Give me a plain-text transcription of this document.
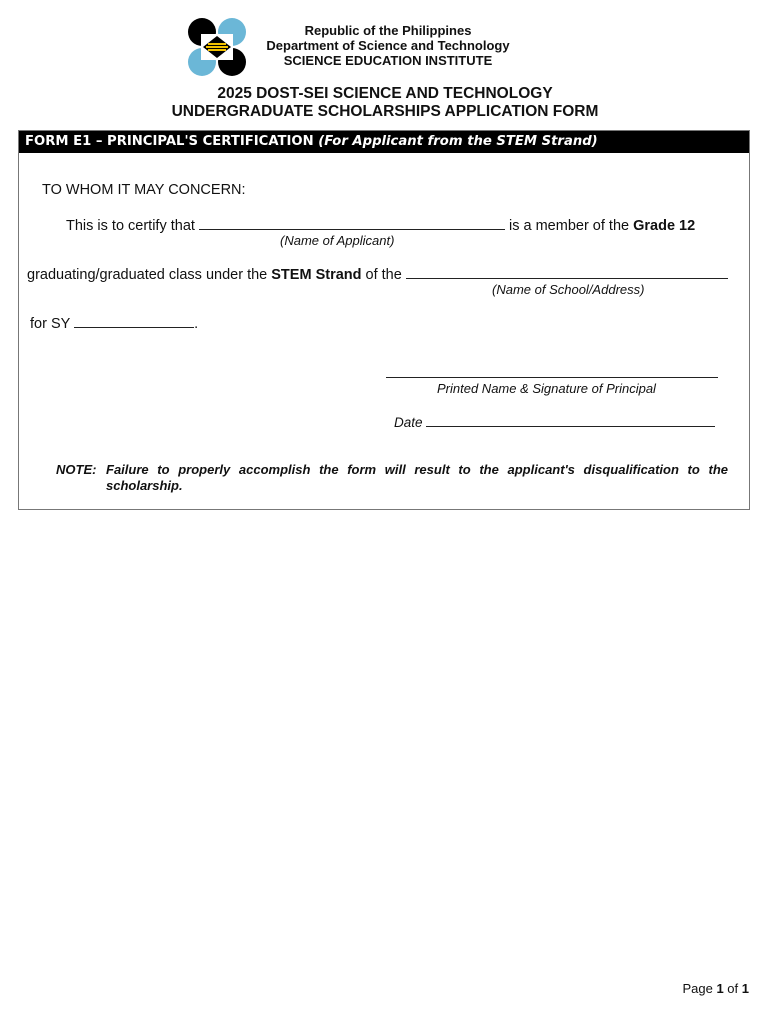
Republic of the Philippines
Department of Science and Technology
SCIENCE EDUCATION INSTITUTE
2025 DOST-SEI SCIENCE AND TECHNOLOGY
UNDERGRADUATE SCHOLARSHIPS APPLICATION FORM
FORM E1 – PRINCIPAL'S CERTIFICATION (For Applicant from the STEM Strand)
TO WHOM IT MAY CONCERN:
This is to certify that	is a member of the Grade 12
(Name of Applicant)
graduating/graduated class under the STEM Strand of the
(Name of School/Address)
for SY	.
Printed Name & Signature of Principal
Date
NOTE: Failure to properly accomplish the form will result to the applicant's disqualification to the scholarship.
Page 1 of 1
